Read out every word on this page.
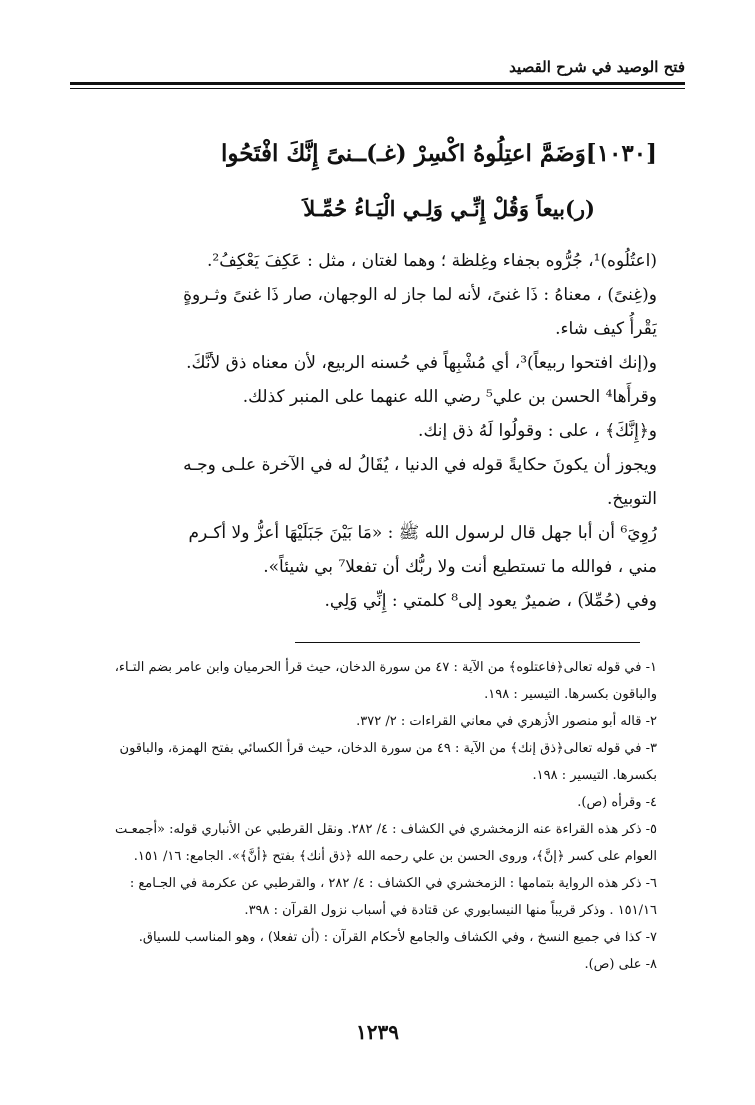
فتح الوصيد في شرح القصيد
[١٠٣٠]وَضَمَّ اعتِلُوهُ اكْسِرْ (غـ)ــنىً إِنَّكَ افْتَحُوا
(ر)بيعاً وَقُلْ إِنِّـي وَلِـي الْيَـاءُ حُمِّـلاَ
(اعتُلُوه)¹، جُرُّوه بجفاء وغِلظة ؛ وهما لغتان ، مثل : عَكِفَ يَعْكِفُ².
و(غِنىً) ، معناهُ : ذَا غنىً، لأنه لما جاز له الوجهان، صار ذَا غنىً وثـروةٍ
يَقْرأُ كيف شاء.
و(إنك افتحوا ربيعاً)³، أي مُشْبِهاً في حُسنه الربيع، لأن معناه ذق لأنَّكَ.
وقرأَها⁴ الحسن بن علي⁵ رضي الله عنهما على المنبر كذلك.
و﴿إِنَّكَ﴾ ، على : وقولُوا لَهُ ذق إنك.
ويجوز أن يكونَ حكايةً قوله في الدنيا ، يُقَالُ له في الآخرة علـى وجـه
التوبيخ.
رُوِيَ⁶ أن أبا جهل قال لرسول الله ﷺ : «مَا بَيْنَ جَبَلَيْهَا أعزُّ ولا أكـرم
مني ، فوالله ما تستطيع أنت ولا ربُّك أن تفعلا⁷ بي شيئاً».
وفي (حُمِّلاَ) ، ضميرٌ يعود إلى⁸ كلمتي : إِنِّي وَلِي.
١- في قوله تعالى﴿فاعتلوه﴾ من الآية : ٤٧ من سورة الدخان، حيث قرأ الحرميان وابن عامر بضم التـاء،
والباقون بكسرها. التيسير : ١٩٨.
٢- قاله أبو منصور الأزهري في معاني القراءات : ٢/ ٣٧٢.
٣- في قوله تعالى﴿ذق إنك﴾ من الآية : ٤٩ من سورة الدخان، حيث قرأ الكسائي بفتح الهمزة، والباقون
بكسرها. التيسير : ١٩٨.
٤- وقرأه (ص).
٥- ذكر هذه القراءة عنه الزمخشري في الكشاف : ٤/ ٢٨٢. ونقل القرطبي عن الأنباري قوله: «أجمعـت
العوام على كسر ﴿إنَّ﴾، وروى الحسن بن علي رحمه الله ﴿ذق أنك﴾ بفتح ﴿أنَّ﴾». الجامع: ١٦/ ١٥١.
٦- ذكر هذه الرواية بتمامها : الزمخشري في الكشاف : ٤/ ٢٨٢ ، والقرطبي عن عكرمة في الجـامع :
١٥١/١٦ . وذكر قريباً منها النيسابوري عن قتادة في أسباب نزول القرآن : ٣٩٨.
٧- كذا في جميع النسخ ، وفي الكشاف والجامع لأحكام القرآن : (أن تفعلا) ، وهو المناسب للسياق.
٨- على (ص).
١٢٣٩
